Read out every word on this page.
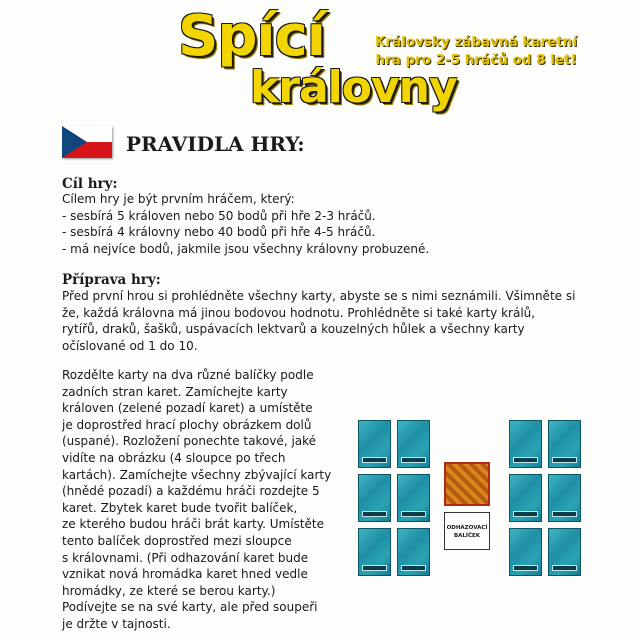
Spící
královny
Královsky zábavná karetní
hra pro 2-5 hráčů od 8 let!
PRAVIDLA HRY:
Cíl hry:
Cílem hry je být prvním hráčem, který:
- sesbírá 5 královen nebo 50 bodů při hře 2-3 hráčů.
- sesbírá 4 královny nebo 40 bodů při hře 4-5 hráčů.
- má nejvíce bodů, jakmile jsou všechny královny probuzené.
Příprava hry:
Před první hrou si prohlédněte všechny karty, abyste se s nimi seznámili. Všimněte si
že, každá královna má jinou bodovou hodnotu. Prohlédněte si také karty králů,
rytířů, draků, šašků, uspávacích lektvarů a kouzelných hůlek a všechny karty
očíslované od 1 do 10.
Rozdělte karty na dva různé balíčky podle
zadních stran karet. Zamíchejte karty
královen (zelené pozadí karet) a umístěte
je doprostřed hrací plochy obrázkem dolů
(uspané). Rozložení ponechte takové, jaké
vidíte na obrázku (4 sloupce po třech
kartách). Zamíchejte všechny zbývající karty
(hnědé pozadí) a každému hráči rozdejte 5
karet. Zbytek karet bude tvořit balíček,
ze kterého budou hráči brát karty. Umístěte
tento balíček doprostřed mezi sloupce
s královnami. (Při odhazování karet bude
vznikat nová hromádka karet hned vedle
hromádky, ze které se berou karty.)
Podívejte se na své karty, ale před soupeři
je držte v tajnosti.
ODHAZOVACÍ
BALÍČEK
